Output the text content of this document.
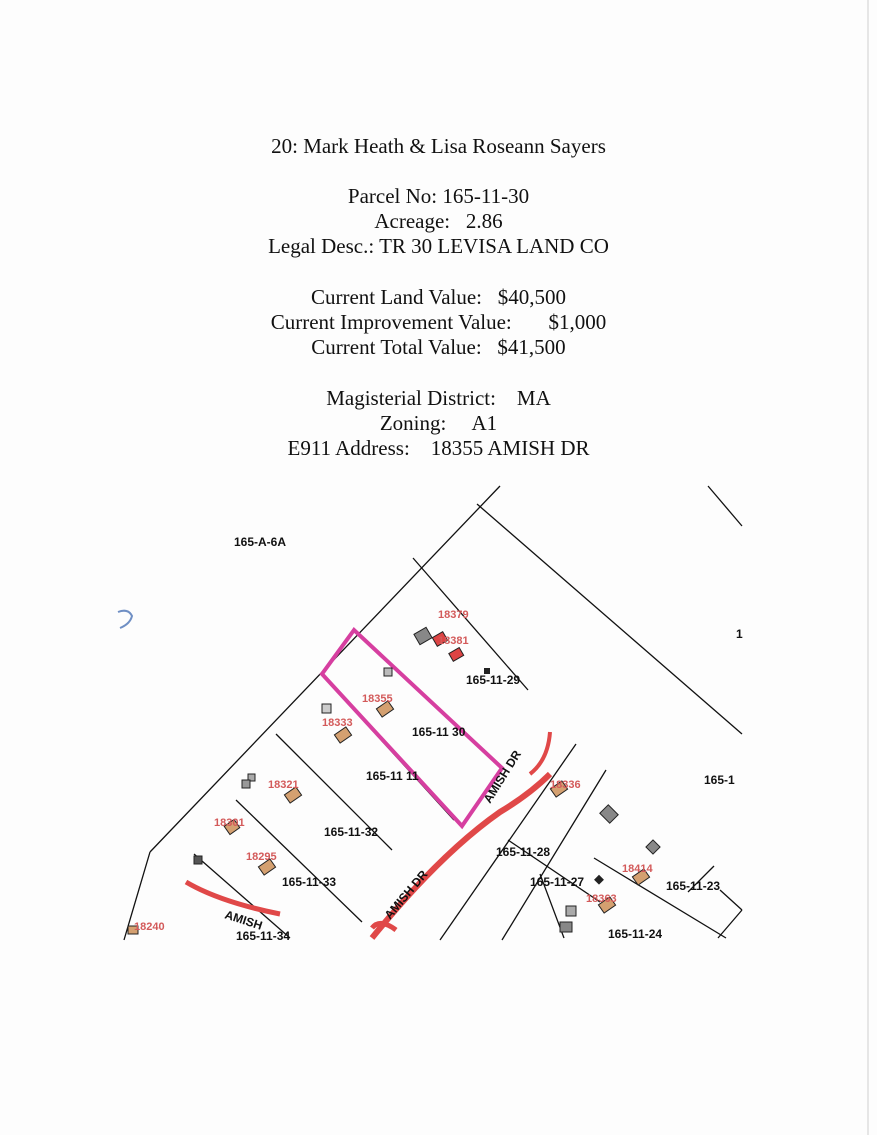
20: Mark Heath & Lisa Roseann Sayers
Parcel No: 165-11-30
Acreage:   2.86
Legal Desc.: TR 30 LEVISA LAND CO
Current Land Value:   $40,500
Current Improvement Value:       $1,000
Current Total Value:   $41,500
Magisterial District:    MA
Zoning:     A1
E911 Address:    18355 AMISH DR
165-A-6A
165-11-29
165-11 30
165-11 11
165-11-32
165-11-33
165-11-34
165-11-28
165-11-27	165-11-23
165-11-24
165-1
1
18379
18381
18355
18333
18321
18301
18295
18240
18336
18414
18363
AMISH DR
AMISH DR
AMISH
